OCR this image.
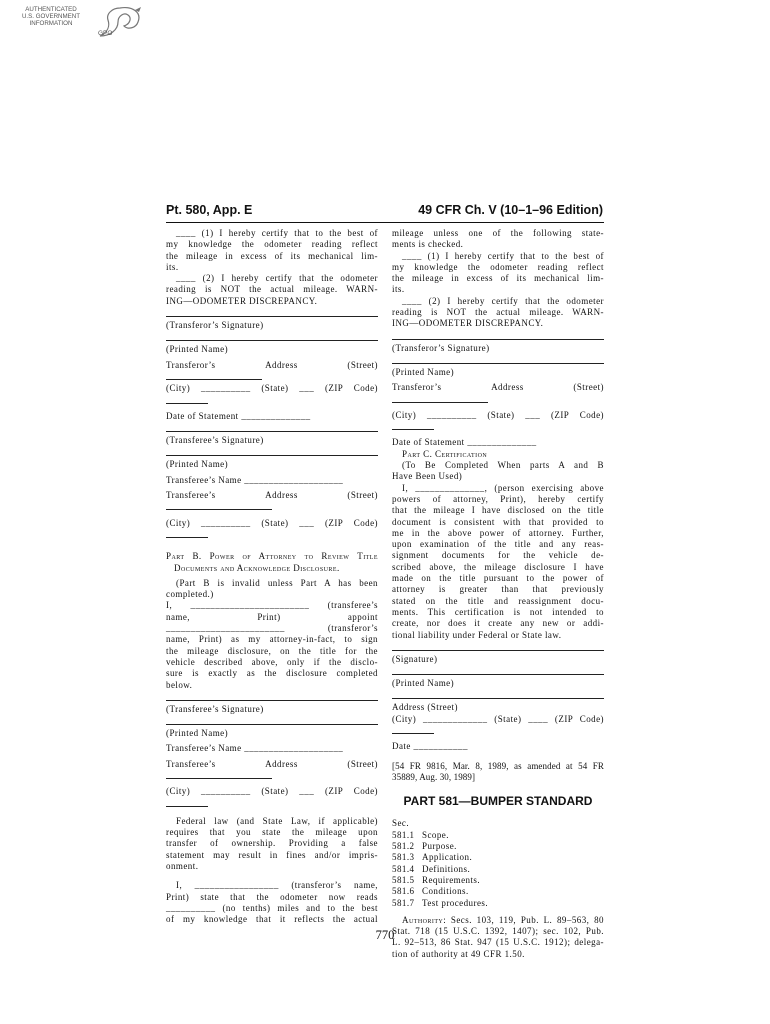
AUTHENTICATED
U.S. GOVERNMENT
INFORMATION
GPO
Pt. 580, App. E	49 CFR Ch. V (10–1–96 Edition)

____ (1) I hereby certify that to the best of

my knowledge the odometer reading reflect

the mileage in excess of its mechanical lim-

its.

____ (2) I hereby certify that the odometer

reading is NOT the actual mileage. WARN-

ING—ODOMETER DISCREPANCY.

(Transferor’s Signature)

(Printed Name)

Transferor’s	Address	(Street)

(City) __________ (State) ___ (ZIP Code)

Date of Statement ______________

(Transferee’s Signature)

(Printed Name)

Transferee’s Name ____________________

Transferee’s	Address	(Street)

(City) __________ (State) ___ (ZIP Code)

Part B. Power of Attorney to Review Title Documents and Acknowledge Disclosure.

(Part B is invalid unless Part A has been

completed.)

I, ________________________ (transferee’s

name,	Print)	appoint

________________________ (transferor’s

name, Print) as my attorney-in-fact, to sign

the mileage disclosure, on the title for the

vehicle described above, only if the disclo-

sure is exactly as the disclosure completed

below.

(Transferee’s Signature)

(Printed Name)

Transferee’s Name ____________________

Transferee’s	Address	(Street)

(City) __________ (State) ___ (ZIP Code)

Federal law (and State Law, if applicable)

requires that you state the mileage upon

transfer of ownership. Providing a false

statement may result in fines and/or impris-

onment.

I, _________________ (transferor’s name,

Print) state that the odometer now reads

__________ (no tenths) miles and to the best

of my knowledge that it reflects the actual

mileage unless one of the following state-

ments is checked.

____ (1) I hereby certify that to the best of

my knowledge the odometer reading reflect

the mileage in excess of its mechanical lim-

its.

____ (2) I hereby certify that the odometer

reading is NOT the actual mileage. WARN-

ING—ODOMETER DISCREPANCY.

(Transferor’s Signature)

(Printed Name)

Transferor’s	Address	(Street)

(City) __________ (State) ___ (ZIP Code)

Date of Statement ______________

Part C. Certification

(To Be Completed When parts A and B

Have Been Used)

I, ______________, (person exercising above

powers of attorney, Print), hereby certify

that the mileage I have disclosed on the title

document is consistent with that provided to

me in the above power of attorney. Further,

upon examination of the title and any reas-

signment documents for the vehicle de-

scribed above, the mileage disclosure I have

made on the title pursuant to the power of

attorney is greater than that previously

stated on the title and reassignment docu-

ments. This certification is not intended to

create, nor does it create any new or addi-

tional liability under Federal or State law.

(Signature)

(Printed Name)

Address (Street)

(City) _____________ (State) ____ (ZIP Code)

Date ___________

[54 FR 9816, Mar. 8, 1989, as amended at 54 FR

35889, Aug. 30, 1989]

PART 581—BUMPER STANDARD

Sec.

581.1 Scope.
581.2 Purpose.
581.3 Application.
581.4 Definitions.
581.5 Requirements.
581.6 Conditions.
581.7 Test procedures.

Authority: Secs. 103, 119, Pub. L. 89–563, 80

Stat. 718 (15 U.S.C. 1392, 1407); sec. 102, Pub.

L. 92–513, 86 Stat. 947 (15 U.S.C. 1912); delega-

tion of authority at 49 CFR 1.50.

770
